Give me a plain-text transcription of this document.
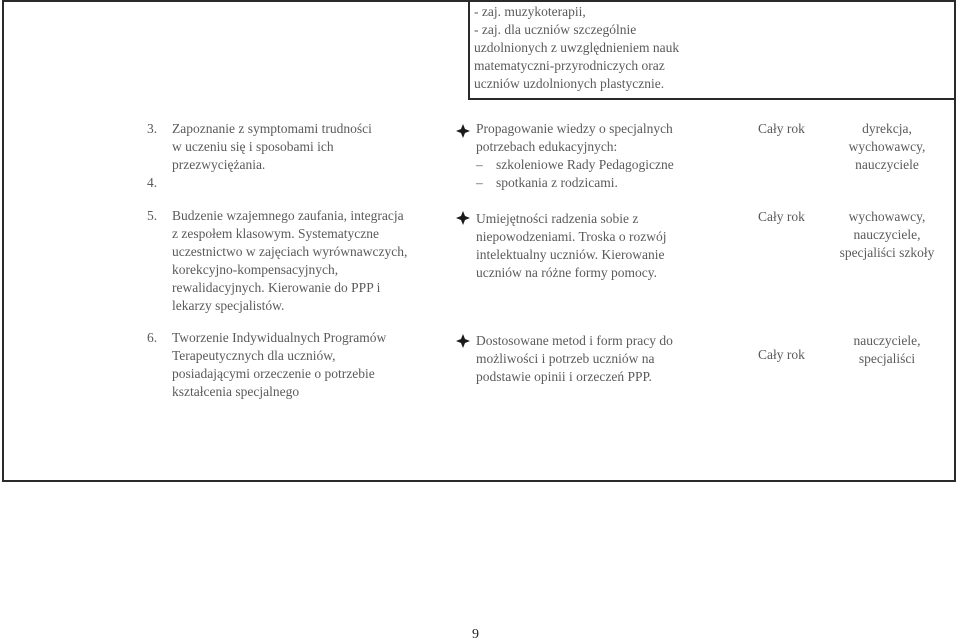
- zaj. muzykoterapii,
- zaj. dla uczniów szczególnie
uzdolnionych z uwzględnieniem nauk
matematyczni-przyrodniczych oraz
uczniów uzdolnionych plastycznie.
3. Zapoznanie z symptomami trudności
w uczeniu się i sposobami ich
przezwyciężania.
4.
Propagowanie wiedzy o specjalnych
potrzebach edukacyjnych:
– szkoleniowe Rady Pedagogiczne
– spotkania z rodzicami.
Cały rok	dyrekcja,
wychowawcy,
nauczyciele
5. Budzenie wzajemnego zaufania, integracja
z zespołem klasowym. Systematyczne
uczestnictwo w zajęciach wyrównawczych,
korekcyjno-kompensacyjnych,
rewalidacyjnych. Kierowanie do PPP i
lekarzy specjalistów.
Umiejętności radzenia sobie z
niepowodzeniami. Troska o rozwój
intelektualny uczniów. Kierowanie
uczniów na różne formy pomocy.
Cały rok	wychowawcy,
nauczyciele,
specjaliści szkoły
6. Tworzenie Indywidualnych Programów
Terapeutycznych dla uczniów,
posiadającymi orzeczenie o potrzebie
kształcenia specjalnego
Dostosowane metod i form pracy do
możliwości i potrzeb uczniów na
podstawie opinii i orzeczeń PPP.
Cały rok
nauczyciele,
specjaliści
9
